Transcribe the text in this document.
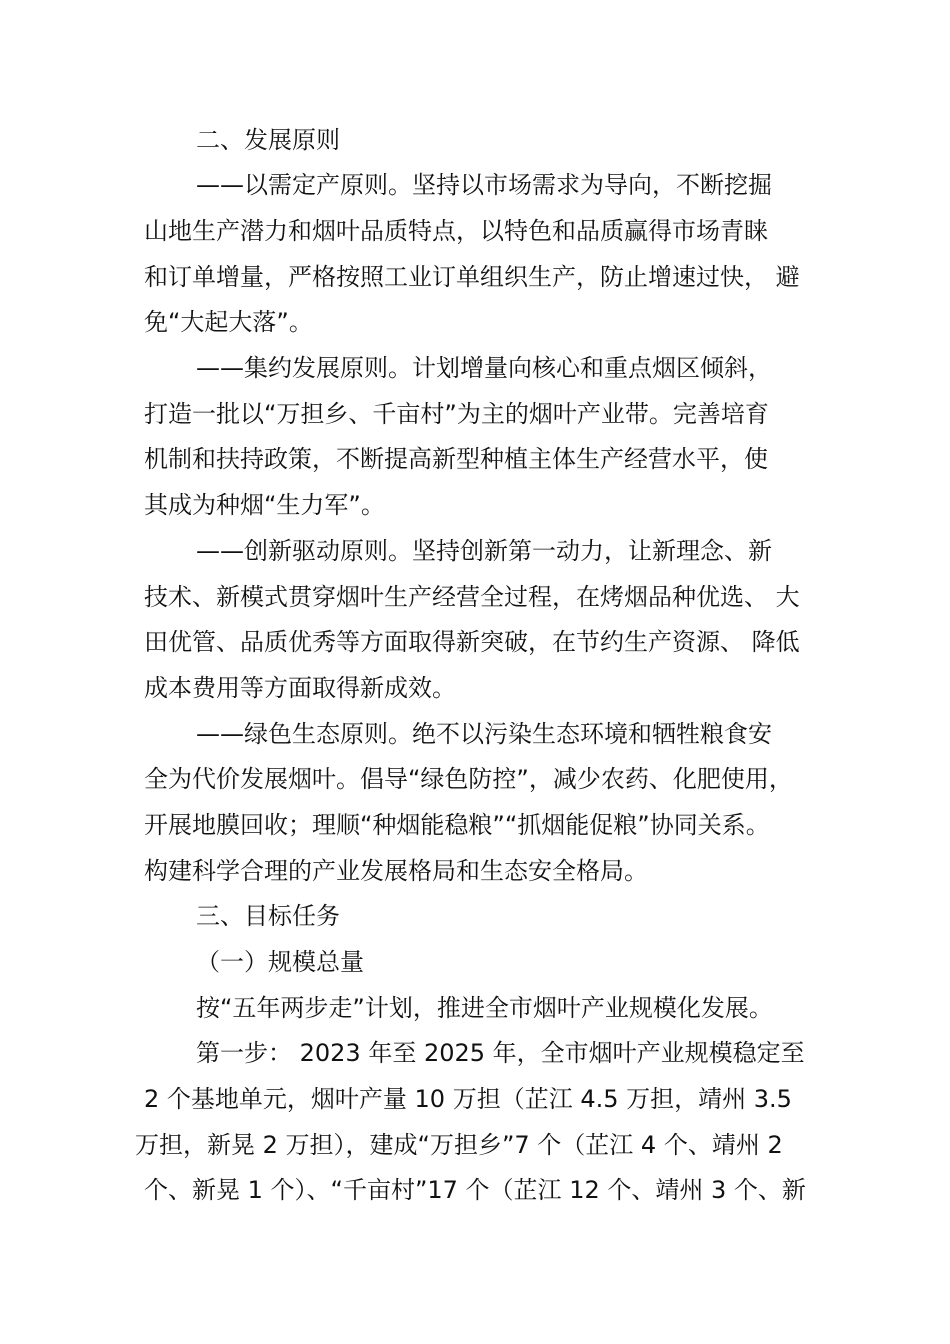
二、发展原则
——以需定产原则。坚持以市场需求为导向，不断挖掘
山地生产潜力和烟叶品质特点，以特色和品质赢得市场青睐
和订单增量，严格按照工业订单组织生产，防止增速过快， 避
免“大起大落”。
——集约发展原则。计划增量向核心和重点烟区倾斜，
打造一批以“万担乡、千亩村”为主的烟叶产业带。完善培育
机制和扶持政策，不断提高新型种植主体生产经营水平，使
其成为种烟“生力军”。
——创新驱动原则。坚持创新第一动力，让新理念、新
技术、新模式贯穿烟叶生产经营全过程，在烤烟品种优选、 大
田优管、品质优秀等方面取得新突破，在节约生产资源、 降低
成本费用等方面取得新成效。
——绿色生态原则。绝不以污染生态环境和牺牲粮食安
全为代价发展烟叶。倡导“绿色防控”，减少农药、化肥使用，
开展地膜回收；理顺“种烟能稳粮”“抓烟能促粮”协同关系。
构建科学合理的产业发展格局和生态安全格局。
三、目标任务
（一）规模总量
按“五年两步走”计划，推进全市烟叶产业规模化发展。
第一步： 2023 年至 2025 年，全市烟叶产业规模稳定至
2 个基地单元，烟叶产量 10 万担（芷江 4.5 万担，靖州 3.5
万担，新晃 2 万担），建成“万担乡”7 个（芷江 4 个、靖州 2
个、新晃 1 个）、“千亩村”17 个（芷江 12 个、靖州 3 个、新
